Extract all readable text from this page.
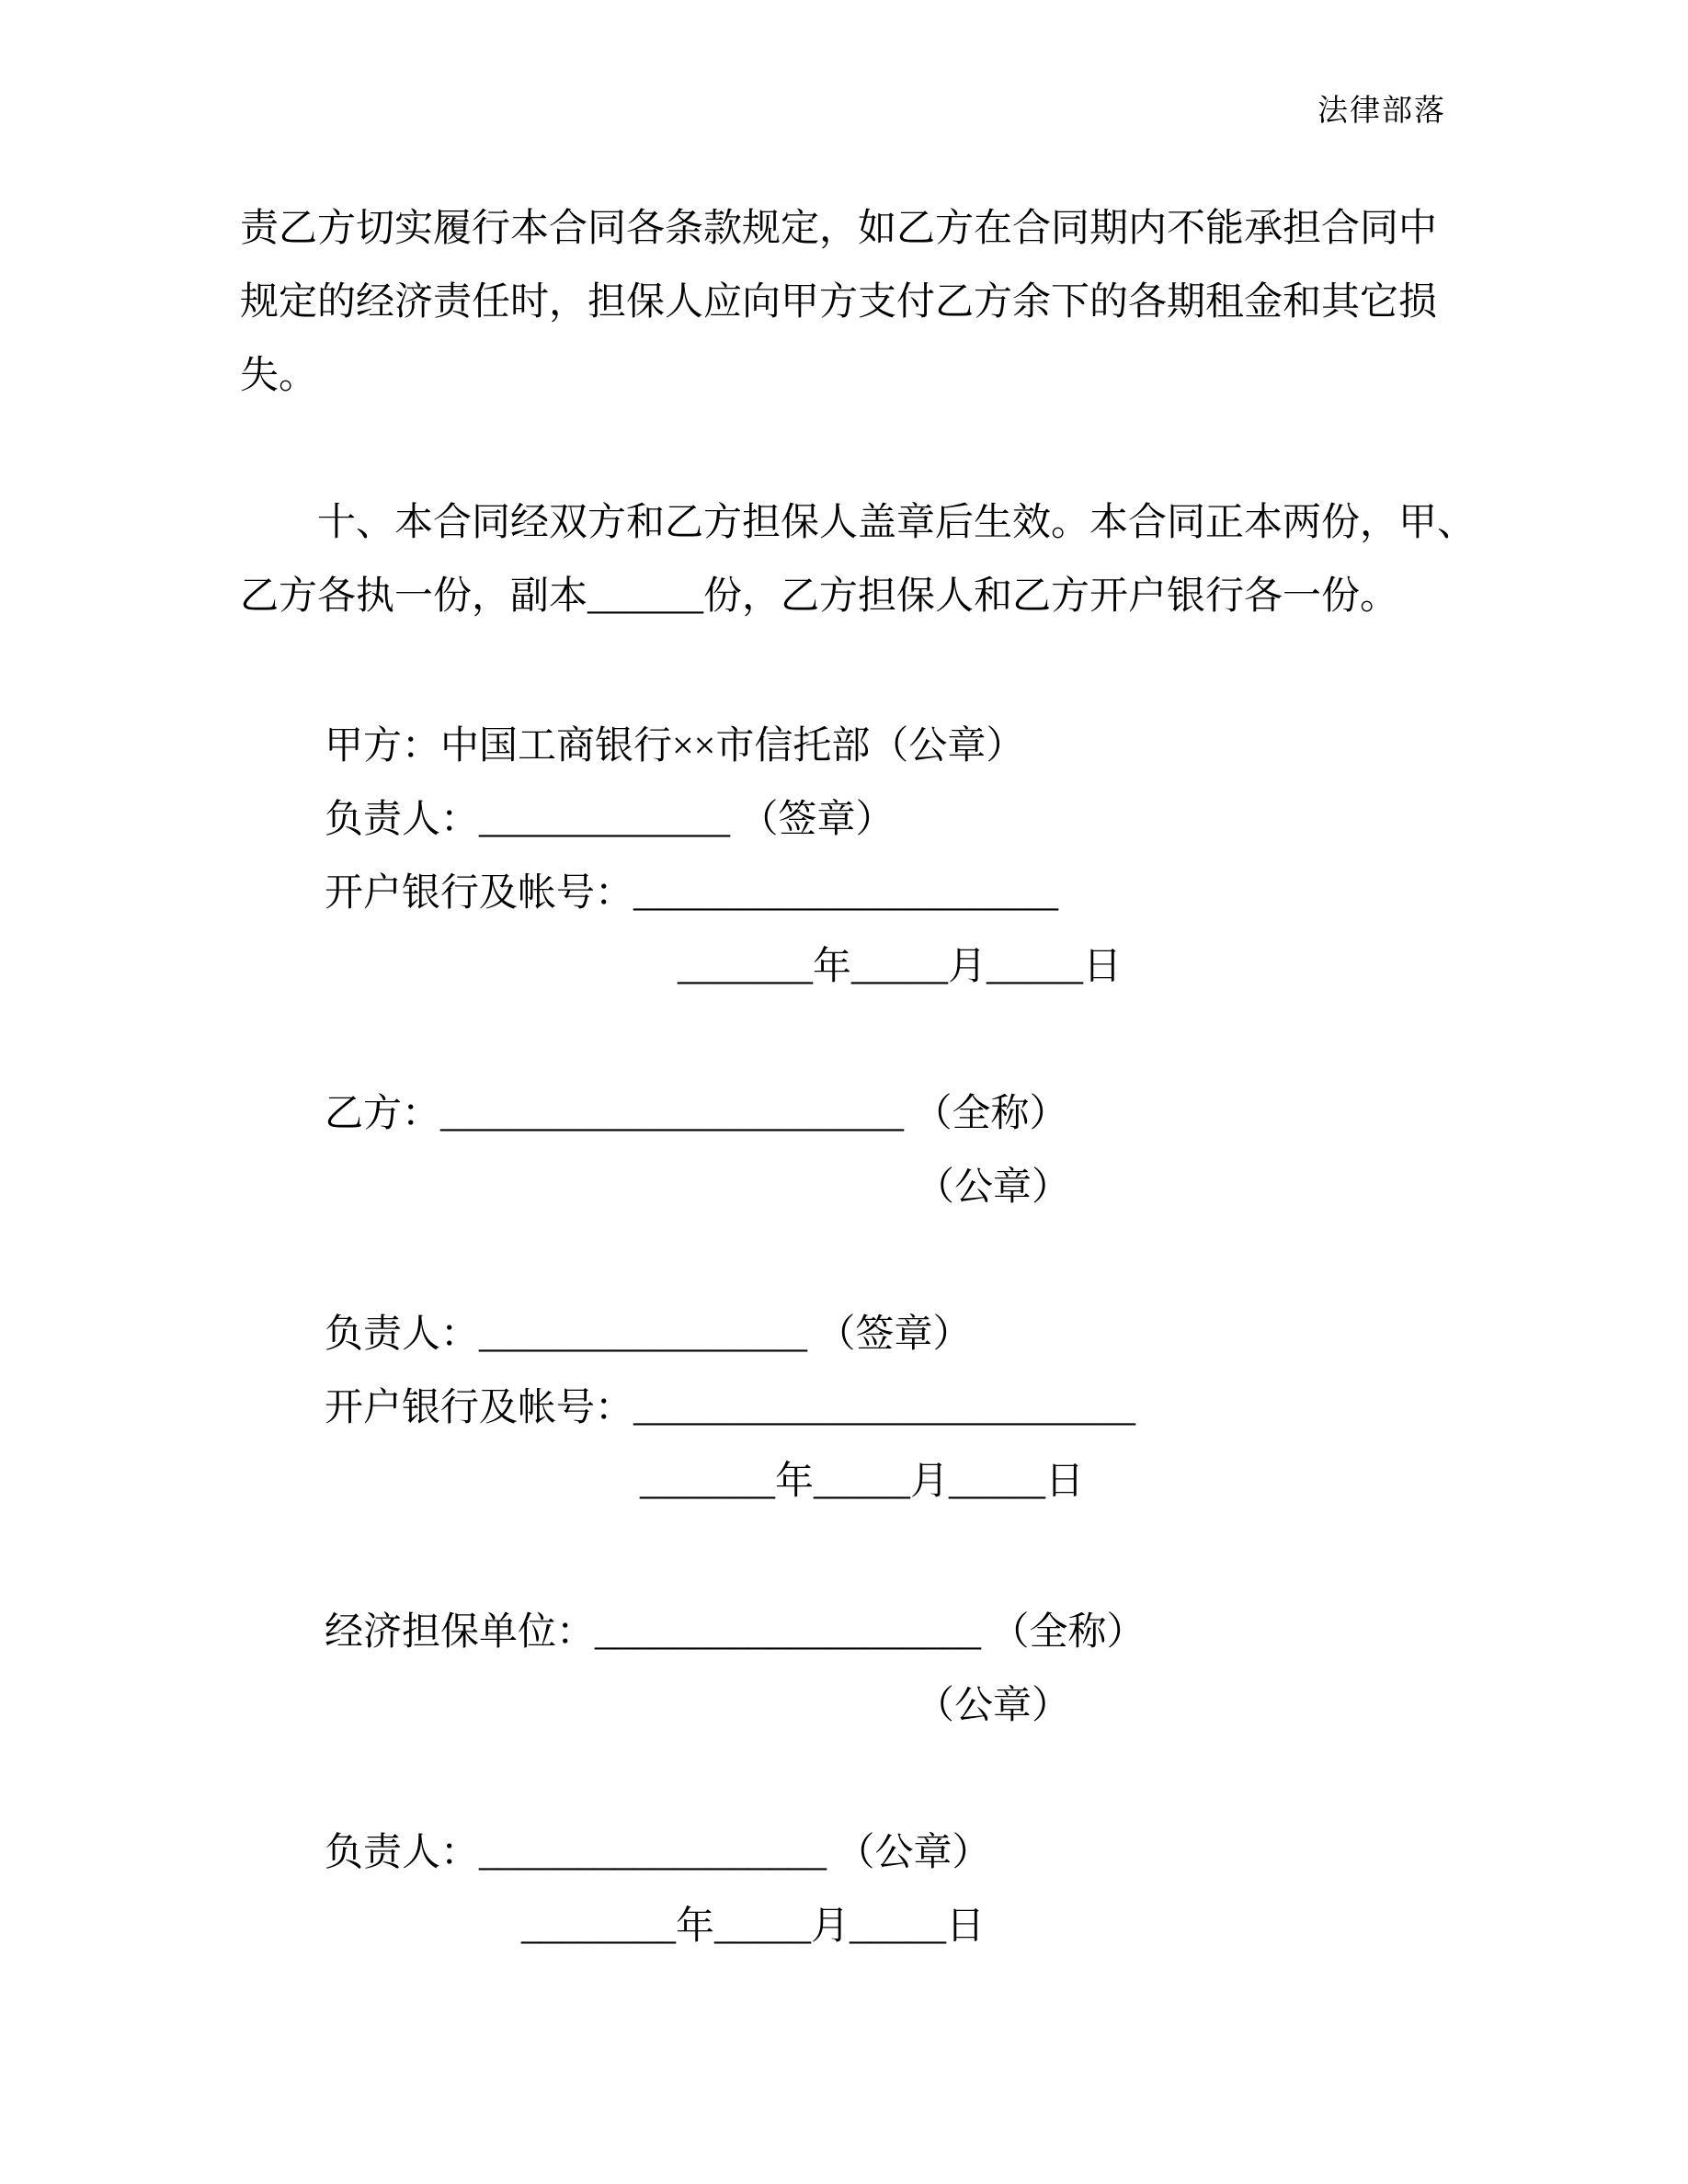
法律部落
责乙方切实履行本合同各条款规定，如乙方在合同期内不能承担合同中
规定的经济责任时，担保人应向甲方支付乙方余下的各期租金和其它损
失。
十、本合同经双方和乙方担保人盖章后生效。本合同正本两份，甲、
乙方各执一份，副本______份，乙方担保人和乙方开户银行各一份。
甲方：中国工商银行××市信托部（公章）
负责人：_____________ （签章）
开户银行及帐号：______________________
_______年_____月_____日
乙方：________________________ （全称）
（公章）
负责人：_________________ （签章）
开户银行及帐号：__________________________
_______年_____月_____日
经济担保单位：____________________ （全称）
（公章）
负责人：__________________ （公章）
________年_____月_____日
